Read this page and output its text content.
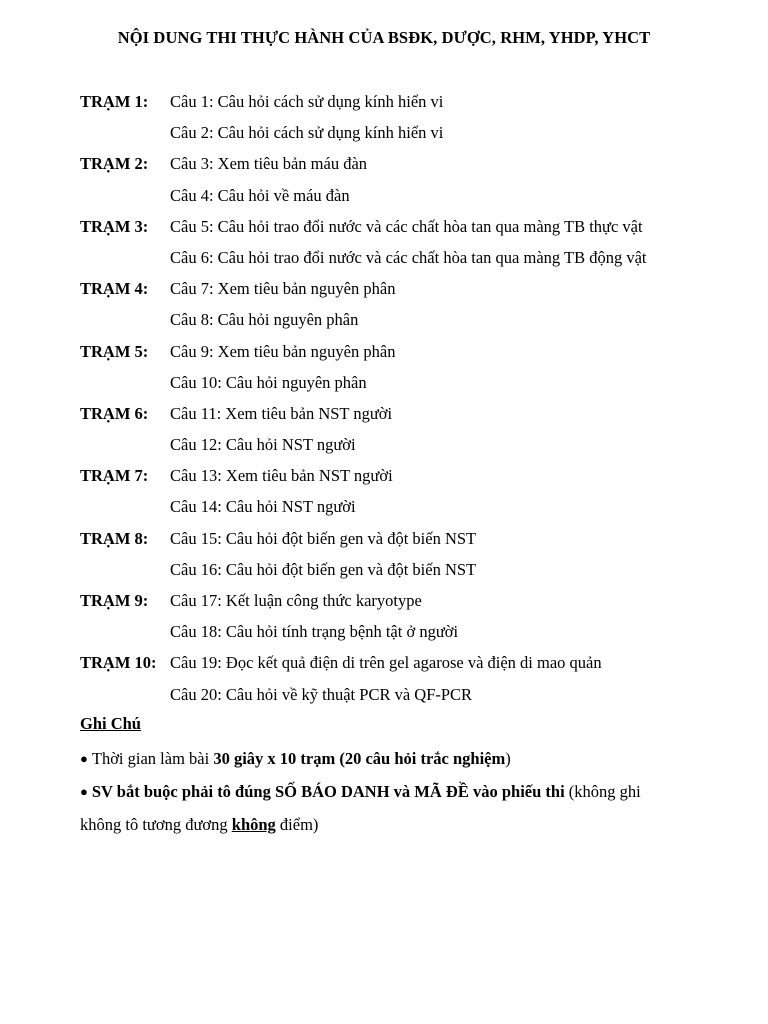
NỘI DUNG THI THỰC HÀNH CỦA BSĐK, DƯỢC, RHM, YHDP, YHCT
TRẠM 1:	Câu 1: Câu hỏi cách sử dụng kính hiển vi
Câu 2: Câu hỏi cách sử dụng kính hiển vi
TRẠM 2:	Câu 3: Xem tiêu bản máu đàn
Câu 4: Câu hỏi về máu đàn
TRẠM 3:	Câu 5: Câu hỏi trao đổi nước và các chất hòa tan qua màng TB thực vật
Câu 6: Câu hỏi trao đổi nước và các chất hòa tan qua màng TB động vật
TRẠM 4:	Câu 7: Xem tiêu bản nguyên phân
Câu 8: Câu hỏi nguyên phân
TRẠM 5:	Câu 9: Xem tiêu bản nguyên phân
Câu 10: Câu hỏi nguyên phân
TRẠM 6:	Câu 11: Xem tiêu bản NST người
Câu 12: Câu hỏi NST người
TRẠM 7:	Câu 13: Xem tiêu bản NST người
Câu 14: Câu hỏi NST người
TRẠM 8:	Câu 15: Câu hỏi đột biến gen và đột biến NST
Câu 16: Câu hỏi đột biến gen và đột biến NST
TRẠM 9:	Câu 17: Kết luận công thức karyotype
Câu 18: Câu hỏi tính trạng bệnh tật ở người
TRẠM 10: Câu 19: Đọc kết quả điện di trên gel agarose và điện di mao quản
Câu 20: Câu hỏi về kỹ thuật PCR và QF-PCR
Ghi Chú
● Thời gian làm bài 30 giây x 10 trạm (20 câu hỏi trắc nghiệm)
● SV bắt buộc phải tô đúng SỐ BÁO DANH và MÃ ĐỀ vào phiếu thi (không ghi
không tô tương đương không điểm)
